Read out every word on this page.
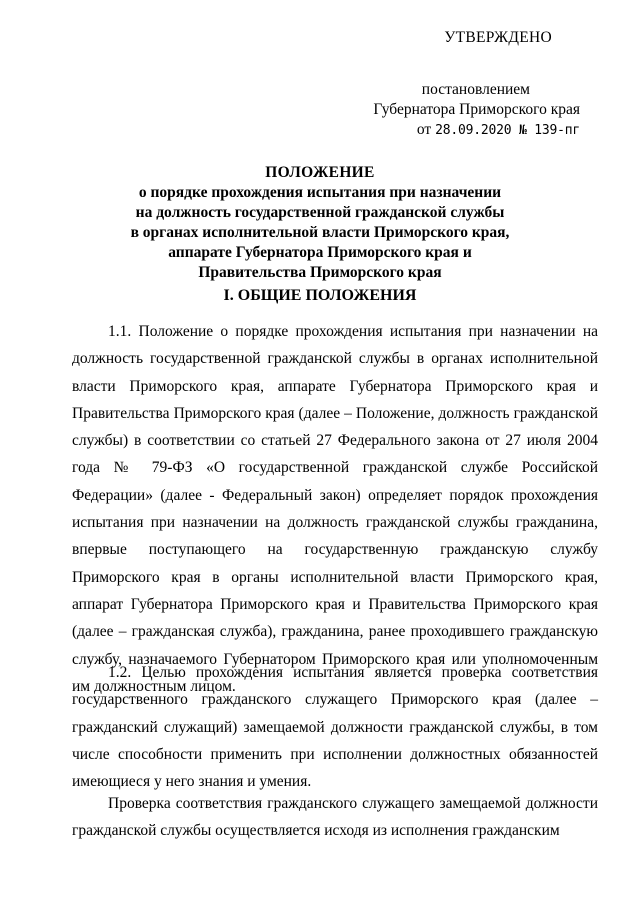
УТВЕРЖДЕНО
постановлением
Губернатора Приморского края
от 28.09.2020 № 139-пг
ПОЛОЖЕНИЕ
о порядке прохождения испытания при назначении
на должность государственной гражданской службы
в органах исполнительной власти Приморского края,
аппарате Губернатора Приморского края и
Правительства Приморского края
I. ОБЩИЕ ПОЛОЖЕНИЯ

1.1. Положение о порядке прохождения испытания при назначении на должность государственной гражданской службы в органах исполнительной власти Приморского края, аппарате Губернатора Приморского края и Правительства Приморского края (далее – Положение, должность гражданской службы) в соответствии со статьей 27 Федерального закона от 27 июля 2004 года № 79-ФЗ «О государственной гражданской службе Российской Федерации» (далее - Федеральный закон) определяет порядок прохождения испытания при назначении на должность гражданской службы гражданина, впервые поступающего на государственную гражданскую службу Приморского края в органы исполнительной власти Приморского края, аппарат Губернатора Приморского края и Правительства Приморского края (далее – гражданская служба), гражданина, ранее проходившего гражданскую службу, назначаемого Губернатором Приморского края или уполномоченным им должностным лицом.

1.2. Целью прохождения испытания является проверка соответствия государственного гражданского служащего Приморского края (далее – гражданский служащий) замещаемой должности гражданской службы, в том числе способности применить при исполнении должностных обязанностей имеющиеся у него знания и умения.

Проверка соответствия гражданского служащего замещаемой должности гражданской службы осуществляется исходя из исполнения гражданским
